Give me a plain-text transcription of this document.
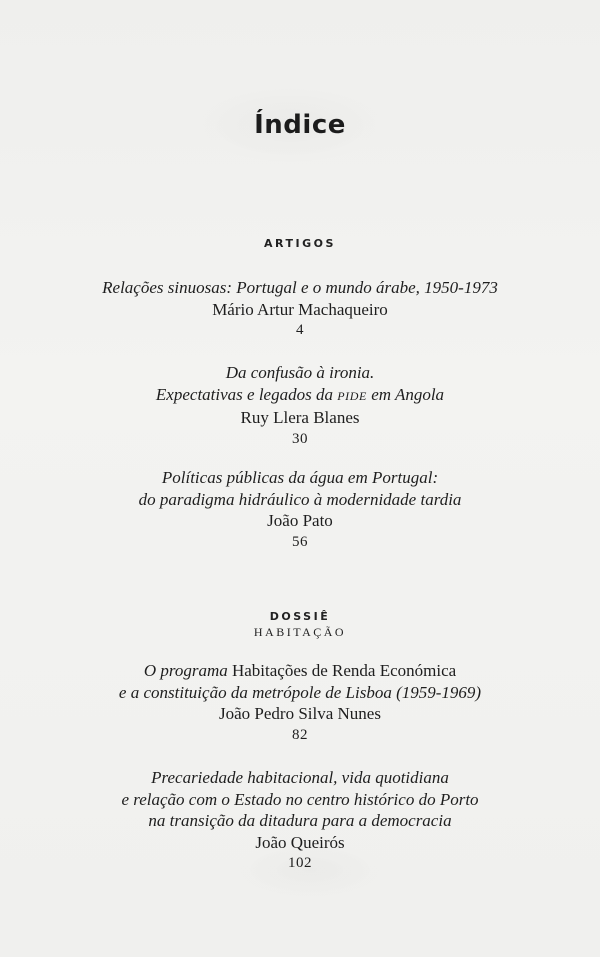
Índice
ARTIGOS
Relações sinuosas: Portugal e o mundo árabe, 1950-1973
Mário Artur Machaqueiro
4
Da confusão à ironia.
Expectativas e legados da PIDE em Angola
Ruy Llera Blanes
30
Políticas públicas da água em Portugal:
do paradigma hidráulico à modernidade tardia
João Pato
56
DOSSIÊ
HABITAÇÃO
O programa Habitações de Renda Económica
e a constituição da metrópole de Lisboa (1959-1969)
João Pedro Silva Nunes
82
Precariedade habitacional, vida quotidiana
e relação com o Estado no centro histórico do Porto
na transição da ditadura para a democracia
João Queirós
102
